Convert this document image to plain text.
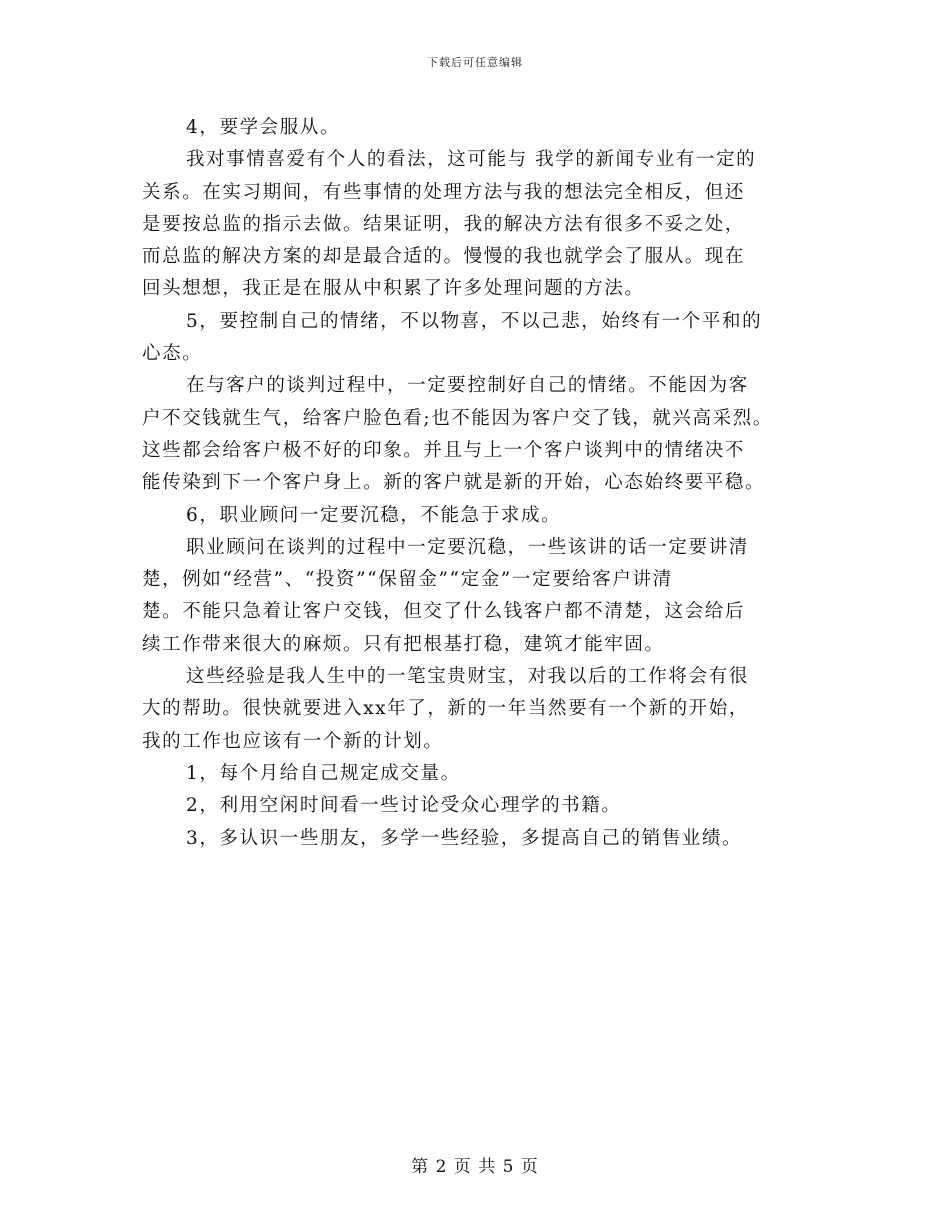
下载后可任意编辑

4，要学会服从。

我对事情喜爱有个人的看法，这可能与 我学的新闻专业有一定的

关系。在实习期间，有些事情的处理方法与我的想法完全相反，但还

是要按总监的指示去做。结果证明，我的解决方法有很多不妥之处，

而总监的解决方案的却是最合适的。慢慢的我也就学会了服从。现在

回头想想，我正是在服从中积累了许多处理问题的方法。

5，要控制自己的情绪，不以物喜，不以己悲，始终有一个平和的

心态。

在与客户的谈判过程中，一定要控制好自己的情绪。不能因为客

户不交钱就生气，给客户脸色看;也不能因为客户交了钱，就兴高采烈。

这些都会给客户极不好的印象。并且与上一个客户谈判中的情绪决不

能传染到下一个客户身上。新的客户就是新的开始，心态始终要平稳。

6，职业顾问一定要沉稳，不能急于求成。

职业顾问在谈判的过程中一定要沉稳，一些该讲的话一定要讲清

楚，例如“经营”、“投资”“保留金”“定金”一定要给客户讲清

楚。不能只急着让客户交钱，但交了什么钱客户都不清楚，这会给后

续工作带来很大的麻烦。只有把根基打稳，建筑才能牢固。

这些经验是我人生中的一笔宝贵财宝，对我以后的工作将会有很

大的帮助。很快就要进入xx年了，新的一年当然要有一个新的开始，

我的工作也应该有一个新的计划。

1，每个月给自己规定成交量。

2，利用空闲时间看一些讨论受众心理学的书籍。

3，多认识一些朋友，多学一些经验，多提高自己的销售业绩。

第 2 页 共 5 页
